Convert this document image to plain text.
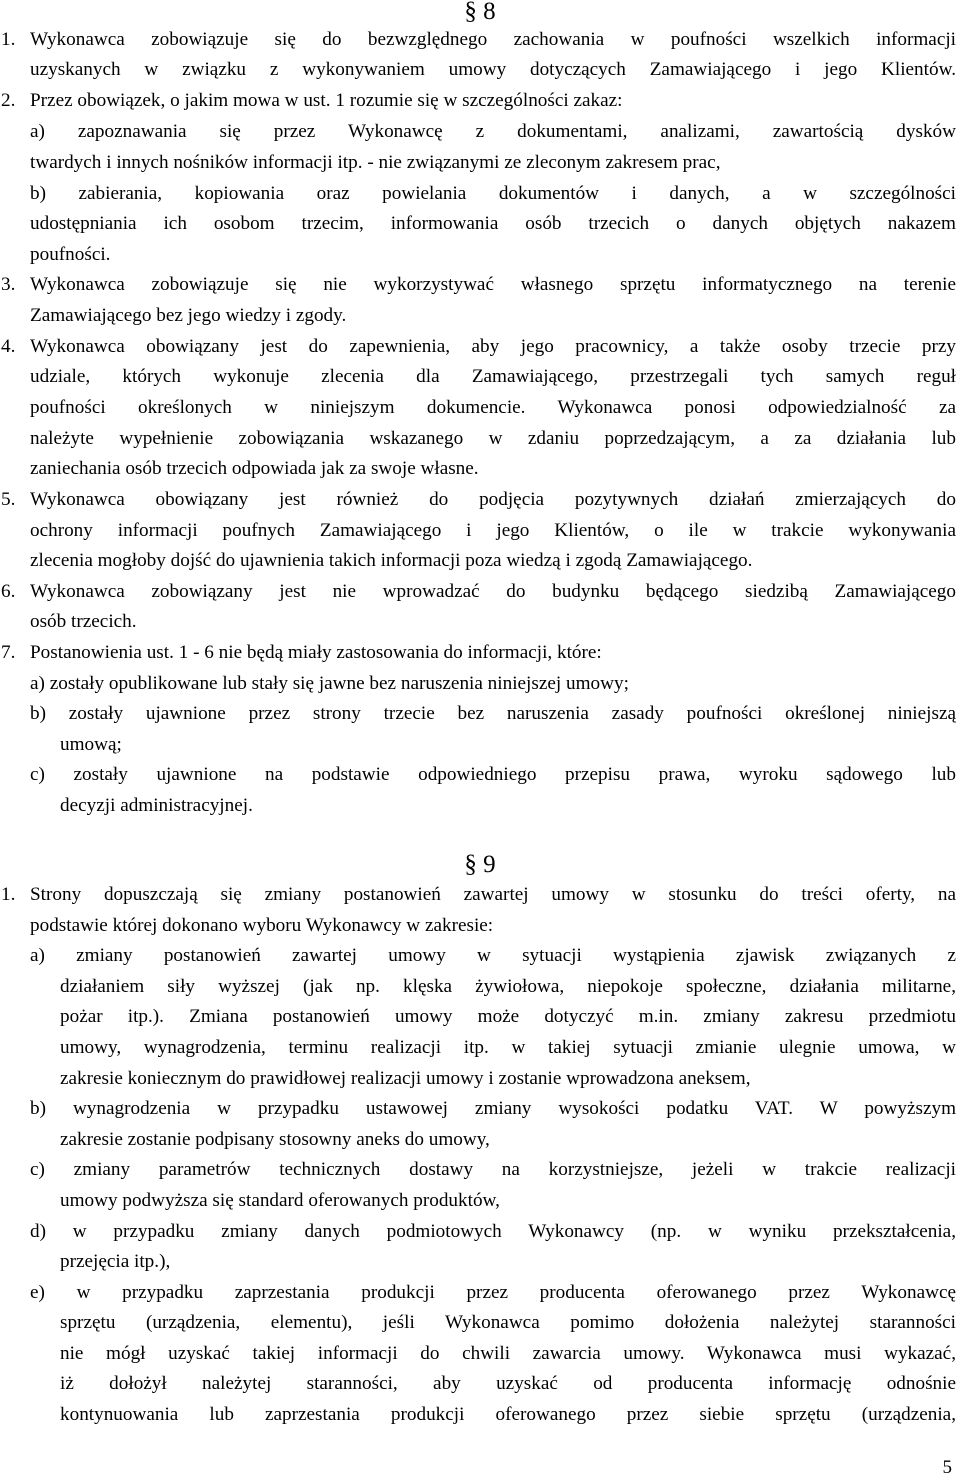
§ 8
1. Wykonawca zobowiązuje się do bezwzględnego zachowania w poufności wszelkich informacji
uzyskanych w związku z wykonywaniem umowy dotyczących Zamawiającego i jego Klientów.
2. Przez obowiązek, o jakim mowa w ust. 1 rozumie się w szczególności zakaz:
a) zapoznawania się przez Wykonawcę z dokumentami, analizami, zawartością dysków
twardych i innych nośników informacji itp. - nie związanymi ze zleconym zakresem prac,
b) zabierania, kopiowania oraz powielania dokumentów i danych, a w szczególności
udostępniania ich osobom trzecim, informowania osób trzecich o danych objętych nakazem
poufności.
3. Wykonawca zobowiązuje się nie wykorzystywać własnego sprzętu informatycznego na terenie
Zamawiającego bez jego wiedzy i zgody.
4. Wykonawca obowiązany jest do zapewnienia, aby jego pracownicy, a także osoby trzecie przy
udziale, których wykonuje zlecenia dla Zamawiającego, przestrzegali tych samych reguł
poufności określonych w niniejszym dokumencie. Wykonawca ponosi odpowiedzialność za
należyte wypełnienie zobowiązania wskazanego w zdaniu poprzedzającym, a za działania lub
zaniechania osób trzecich odpowiada jak za swoje własne.
5. Wykonawca obowiązany jest również do podjęcia pozytywnych działań zmierzających do
ochrony informacji poufnych Zamawiającego i jego Klientów, o ile w trakcie wykonywania
zlecenia mogłoby dojść do ujawnienia takich informacji poza wiedzą i zgodą Zamawiającego.
6. Wykonawca zobowiązany jest nie wprowadzać do budynku będącego siedzibą Zamawiającego
osób trzecich.
7. Postanowienia ust. 1 - 6 nie będą miały zastosowania do informacji, które:
a) zostały opublikowane lub stały się jawne bez naruszenia niniejszej umowy;
b) zostały ujawnione przez strony trzecie bez naruszenia zasady poufności określonej niniejszą
umową;
c) zostały ujawnione na podstawie odpowiedniego przepisu prawa, wyroku sądowego lub
decyzji administracyjnej.
§ 9
1. Strony dopuszczają się zmiany postanowień zawartej umowy w stosunku do treści oferty, na
podstawie której dokonano wyboru Wykonawcy w zakresie:
a) zmiany postanowień zawartej umowy w sytuacji wystąpienia zjawisk związanych z
działaniem siły wyższej (jak np. klęska żywiołowa, niepokoje społeczne, działania militarne,
pożar itp.). Zmiana postanowień umowy może dotyczyć m.in. zmiany zakresu przedmiotu
umowy, wynagrodzenia, terminu realizacji itp. w takiej sytuacji zmianie ulegnie umowa, w
zakresie koniecznym do prawidłowej realizacji umowy i zostanie wprowadzona aneksem,
b) wynagrodzenia w przypadku ustawowej zmiany wysokości podatku VAT. W powyższym
zakresie zostanie podpisany stosowny aneks do umowy,
c) zmiany parametrów technicznych dostawy na korzystniejsze, jeżeli w trakcie realizacji
umowy podwyższa się standard oferowanych produktów,
d) w przypadku zmiany danych podmiotowych Wykonawcy (np. w wyniku przekształcenia,
przejęcia itp.),
e) w przypadku zaprzestania produkcji przez producenta oferowanego przez Wykonawcę
sprzętu (urządzenia, elementu), jeśli Wykonawca pomimo dołożenia należytej staranności
nie mógł uzyskać takiej informacji do chwili zawarcia umowy. Wykonawca musi wykazać,
iż dołożył należytej staranności, aby uzyskać od producenta informację odnośnie
kontynuowania lub zaprzestania produkcji oferowanego przez siebie sprzętu (urządzenia,
5
